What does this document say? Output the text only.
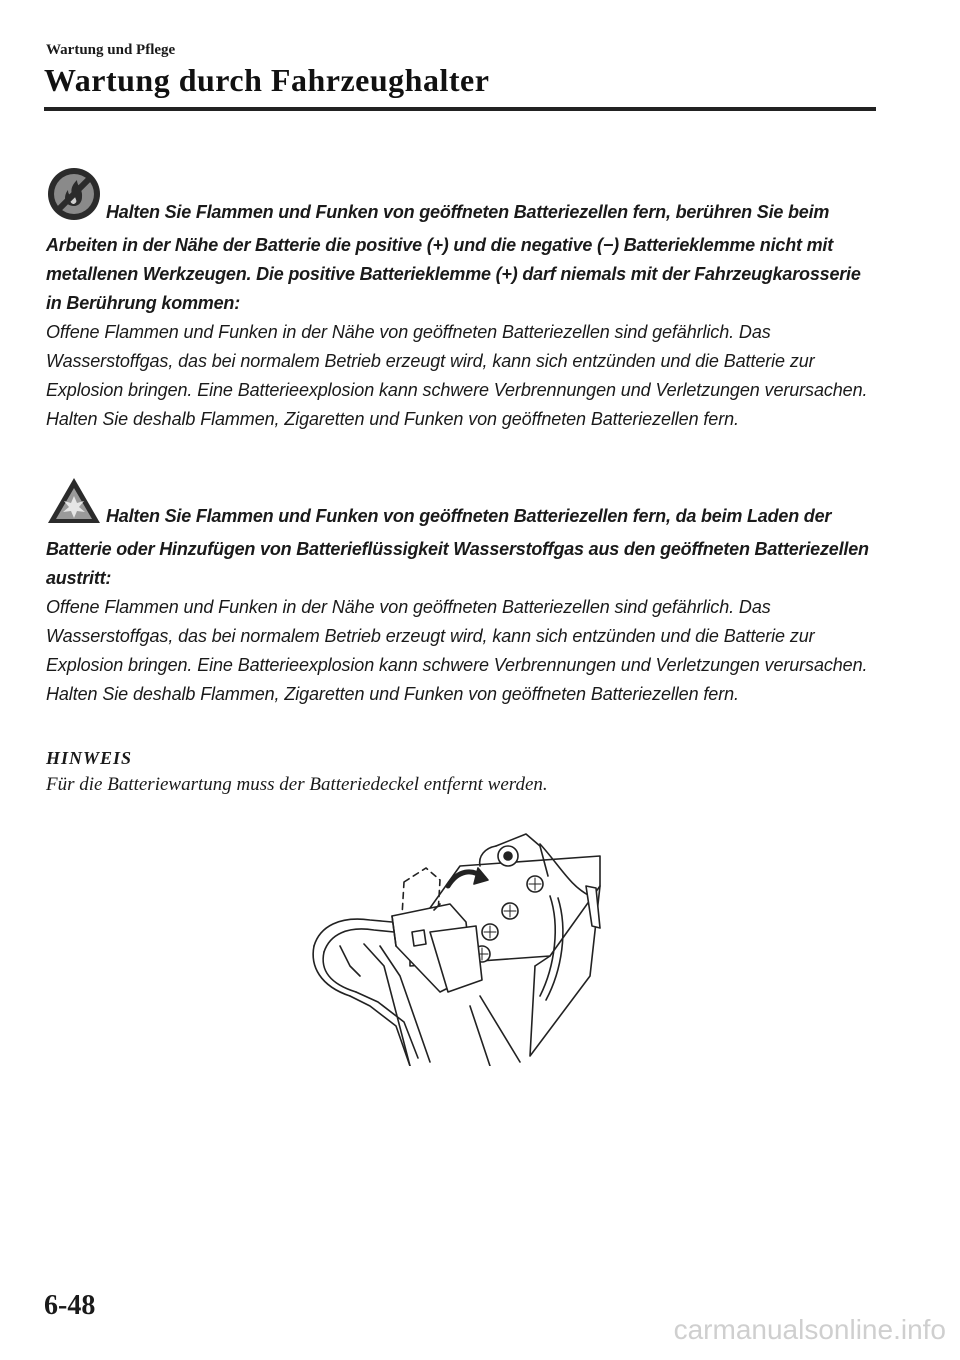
Wartung und Pflege
Wartung durch Fahrzeughalter
Halten Sie Flammen und Funken von geöffneten Batteriezellen fern, berühren Sie beim Arbeiten in der Nähe der Batterie die positive (+) und die negative (−) Batterieklemme nicht mit metallenen Werkzeugen. Die positive Batterieklemme (+) darf niemals mit der Fahrzeugkarosserie in Berührung kommen:
Offene Flammen und Funken in der Nähe von geöffneten Batteriezellen sind gefährlich. Das Wasserstoffgas, das bei normalem Betrieb erzeugt wird, kann sich entzünden und die Batterie zur Explosion bringen. Eine Batterieexplosion kann schwere Verbrennungen und Verletzungen verursachen. Halten Sie deshalb Flammen, Zigaretten und Funken von geöffneten Batteriezellen fern.
Halten Sie Flammen und Funken von geöffneten Batteriezellen fern, da beim Laden der Batterie oder Hinzufügen von Batterieflüssigkeit Wasserstoffgas aus den geöffneten Batteriezellen austritt:
Offene Flammen und Funken in der Nähe von geöffneten Batteriezellen sind gefährlich. Das Wasserstoffgas, das bei normalem Betrieb erzeugt wird, kann sich entzünden und die Batterie zur Explosion bringen. Eine Batterieexplosion kann schwere Verbrennungen und Verletzungen verursachen. Halten Sie deshalb Flammen, Zigaretten und Funken von geöffneten Batteriezellen fern.
HINWEIS
Für die Batteriewartung muss der Batteriedeckel entfernt werden.
6-48
carmanualsonline.info
